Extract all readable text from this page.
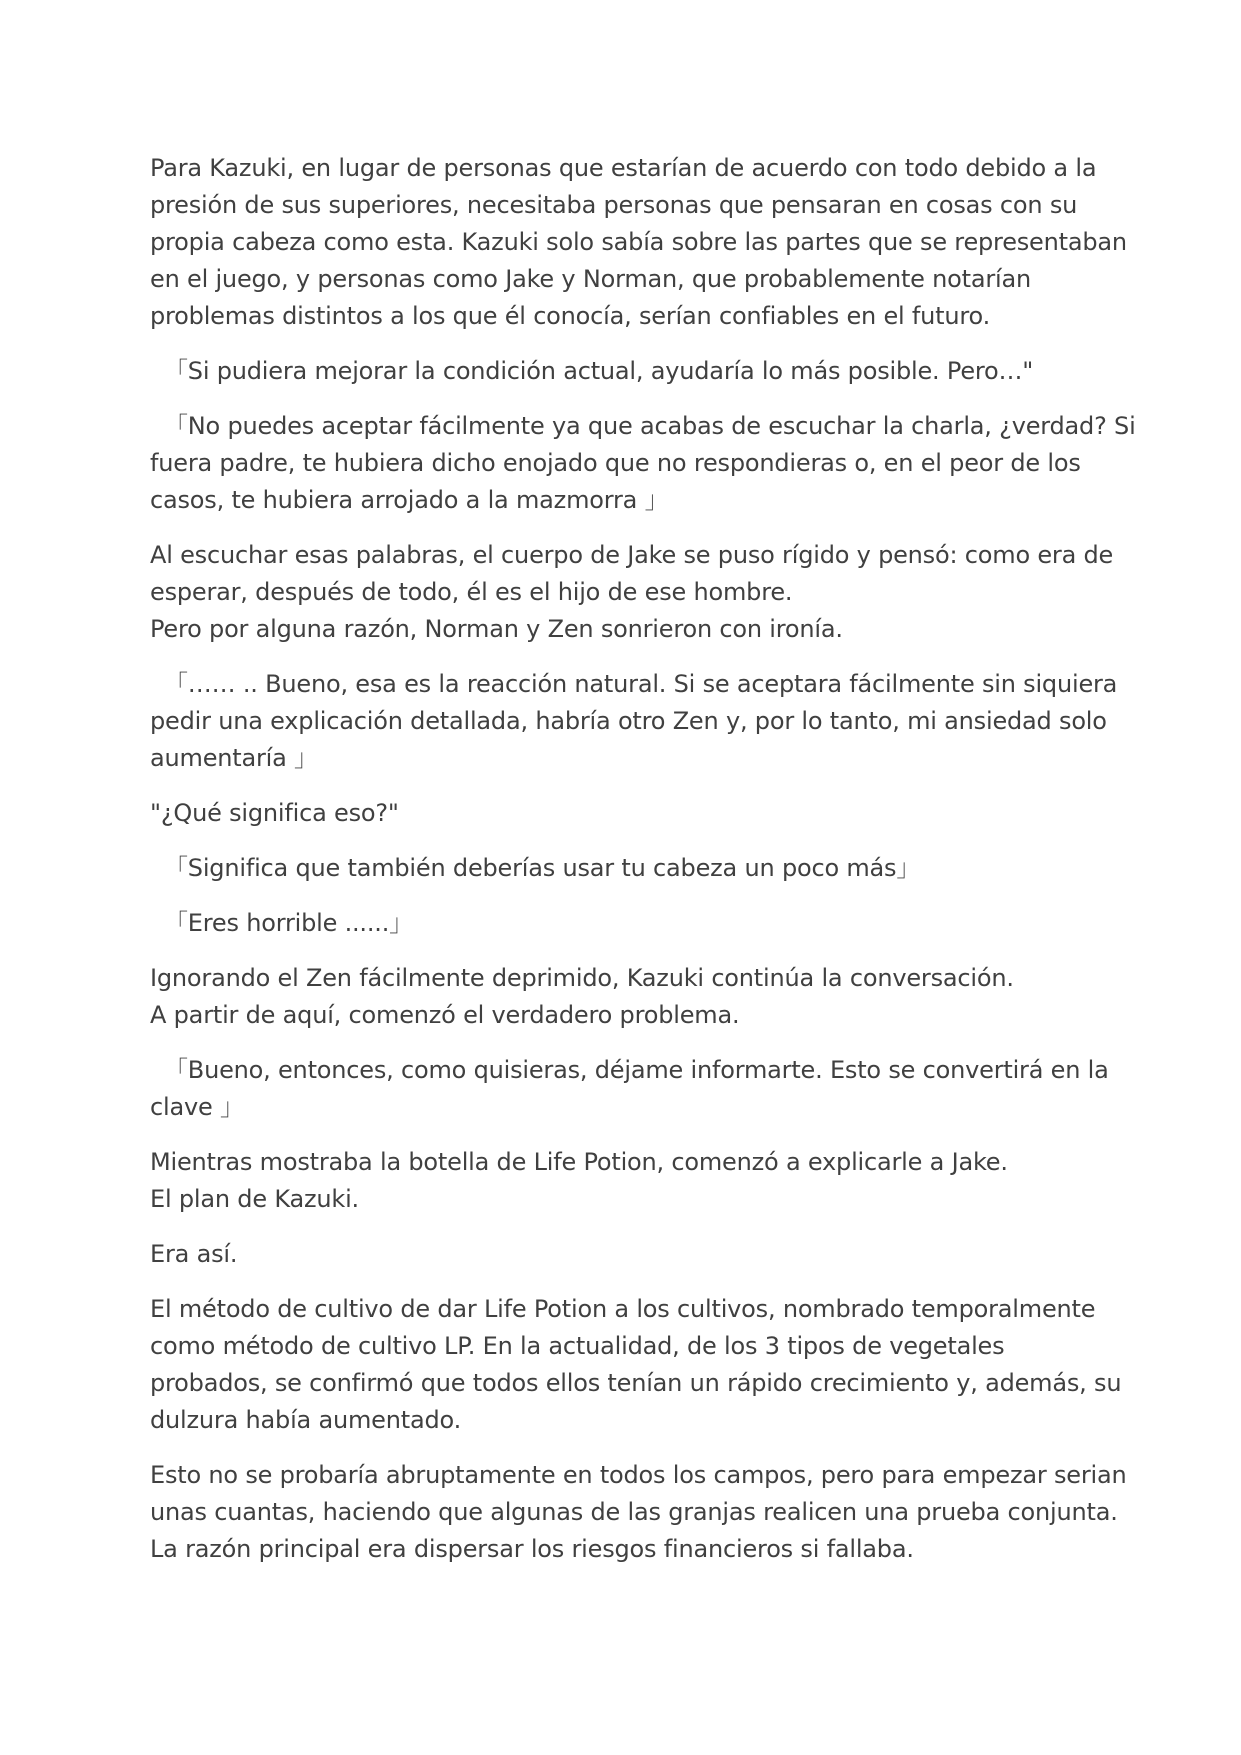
Para Kazuki, en lugar de personas que estarían de acuerdo con todo debido a la
presión de sus superiores, necesitaba personas que pensaran en cosas con su
propia cabeza como esta. Kazuki solo sabía sobre las partes que se representaban
en el juego, y personas como Jake y Norman, que probablemente notarían
problemas distintos a los que él conocía, serían confiables en el futuro.
「Si pudiera mejorar la condición actual, ayudaría lo más posible. Pero…"
「No puedes aceptar fácilmente ya que acabas de escuchar la charla, ¿verdad? Si
fuera padre, te hubiera dicho enojado que no respondieras o, en el peor de los
casos, te hubiera arrojado a la mazmorra 」
Al escuchar esas palabras, el cuerpo de Jake se puso rígido y pensó: como era de
esperar, después de todo, él es el hijo de ese hombre.
Pero por alguna razón, Norman y Zen sonrieron con ironía.
「…… .. Bueno, esa es la reacción natural. Si se aceptara fácilmente sin siquiera
pedir una explicación detallada, habría otro Zen y, por lo tanto, mi ansiedad solo
aumentaría 」
"¿Qué significa eso?"
「Significa que también deberías usar tu cabeza un poco más」
「Eres horrible ......」
Ignorando el Zen fácilmente deprimido, Kazuki continúa la conversación.
A partir de aquí, comenzó el verdadero problema.
「Bueno, entonces, como quisieras, déjame informarte. Esto se convertirá en la
clave 」
Mientras mostraba la botella de Life Potion, comenzó a explicarle a Jake.
El plan de Kazuki.
Era así.
El método de cultivo de dar Life Potion a los cultivos, nombrado temporalmente
como método de cultivo LP. En la actualidad, de los 3 tipos de vegetales
probados, se confirmó que todos ellos tenían un rápido crecimiento y, además, su
dulzura había aumentado.
Esto no se probaría abruptamente en todos los campos, pero para empezar serian
unas cuantas, haciendo que algunas de las granjas realicen una prueba conjunta.
La razón principal era dispersar los riesgos financieros si fallaba.
